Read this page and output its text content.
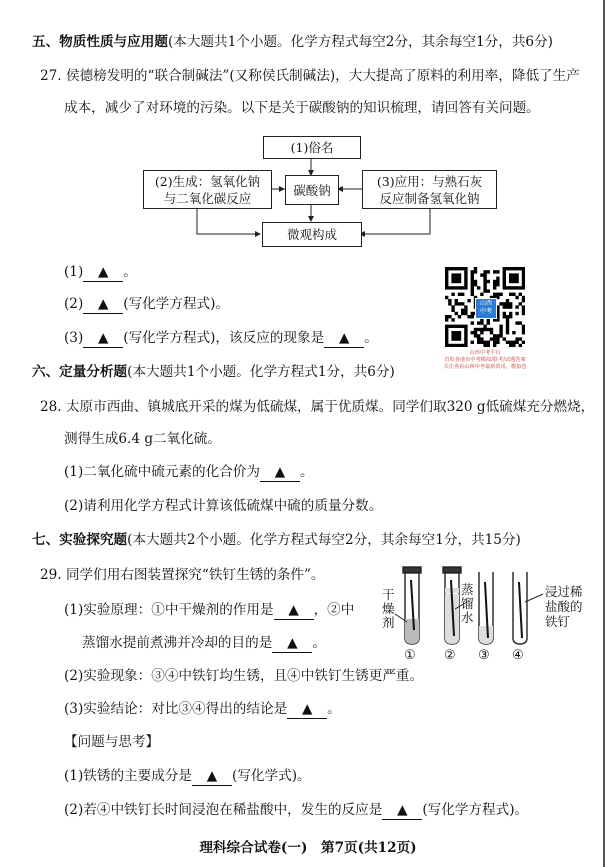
五、物质性质与应用题(本大题共1个小题。化学方程式每空2分，其余每空1分，共6分)
27. 侯德榜发明的“联合制碱法”(又称侯氏制碱法)，大大提高了原料的利用率，降低了生产
成本，减少了对环境的污染。以下是关于碳酸钠的知识梳理，请回答有关问题。
(1)俗名
碳酸钠
(2)生成：氢氧化钠
与二氧化碳反应
(3)应用：与熟石灰
反应制备氢氧化钠
微观构成
(1) ▲ 。
(2) ▲ (写化学方程式)。
(3) ▲ (写化学方程式)，该反应的现象是 ▲ 。
山西
中考
山西中考平台
首发各地市中考模拟/联考/试题答案
关注查看山西中考最新资讯、模拟卷
六、定量分析题(本大题共1个小题。化学方程式1分，共6分)
28. 太原市西曲、镇城底开采的煤为低硫煤，属于优质煤。同学们取320 g低硫煤充分燃烧，
测得生成6.4 g二氧化硫。
(1)二氧化硫中硫元素的化合价为 ▲ 。
(2)请利用化学方程式计算该低硫煤中硫的质量分数。
七、实验探究题(本大题共2个小题。化学方程式每空2分，其余每空1分，共15分)
29. 同学们用右图装置探究“铁钉生锈的条件”。
(1)实验原理：①中干燥剂的作用是 ▲ ，②中
蒸馏水提前煮沸并冷却的目的是 ▲ 。
(2)实验现象：③④中铁钉均生锈，且④中铁钉生锈更严重。
(3)实验结论：对比③④得出的结论是 ▲ 。
【问题与思考】
(1)铁锈的主要成分是 ▲ (写化学式)。
(2)若④中铁钉长时间浸泡在稀盐酸中，发生的反应是 ▲ (写化学方程式)。
干
燥
剂
蒸
馏
水
浸过稀
盐酸的
铁钉
① ② ③ ④
理科综合试卷(一)　第7页(共12页)
